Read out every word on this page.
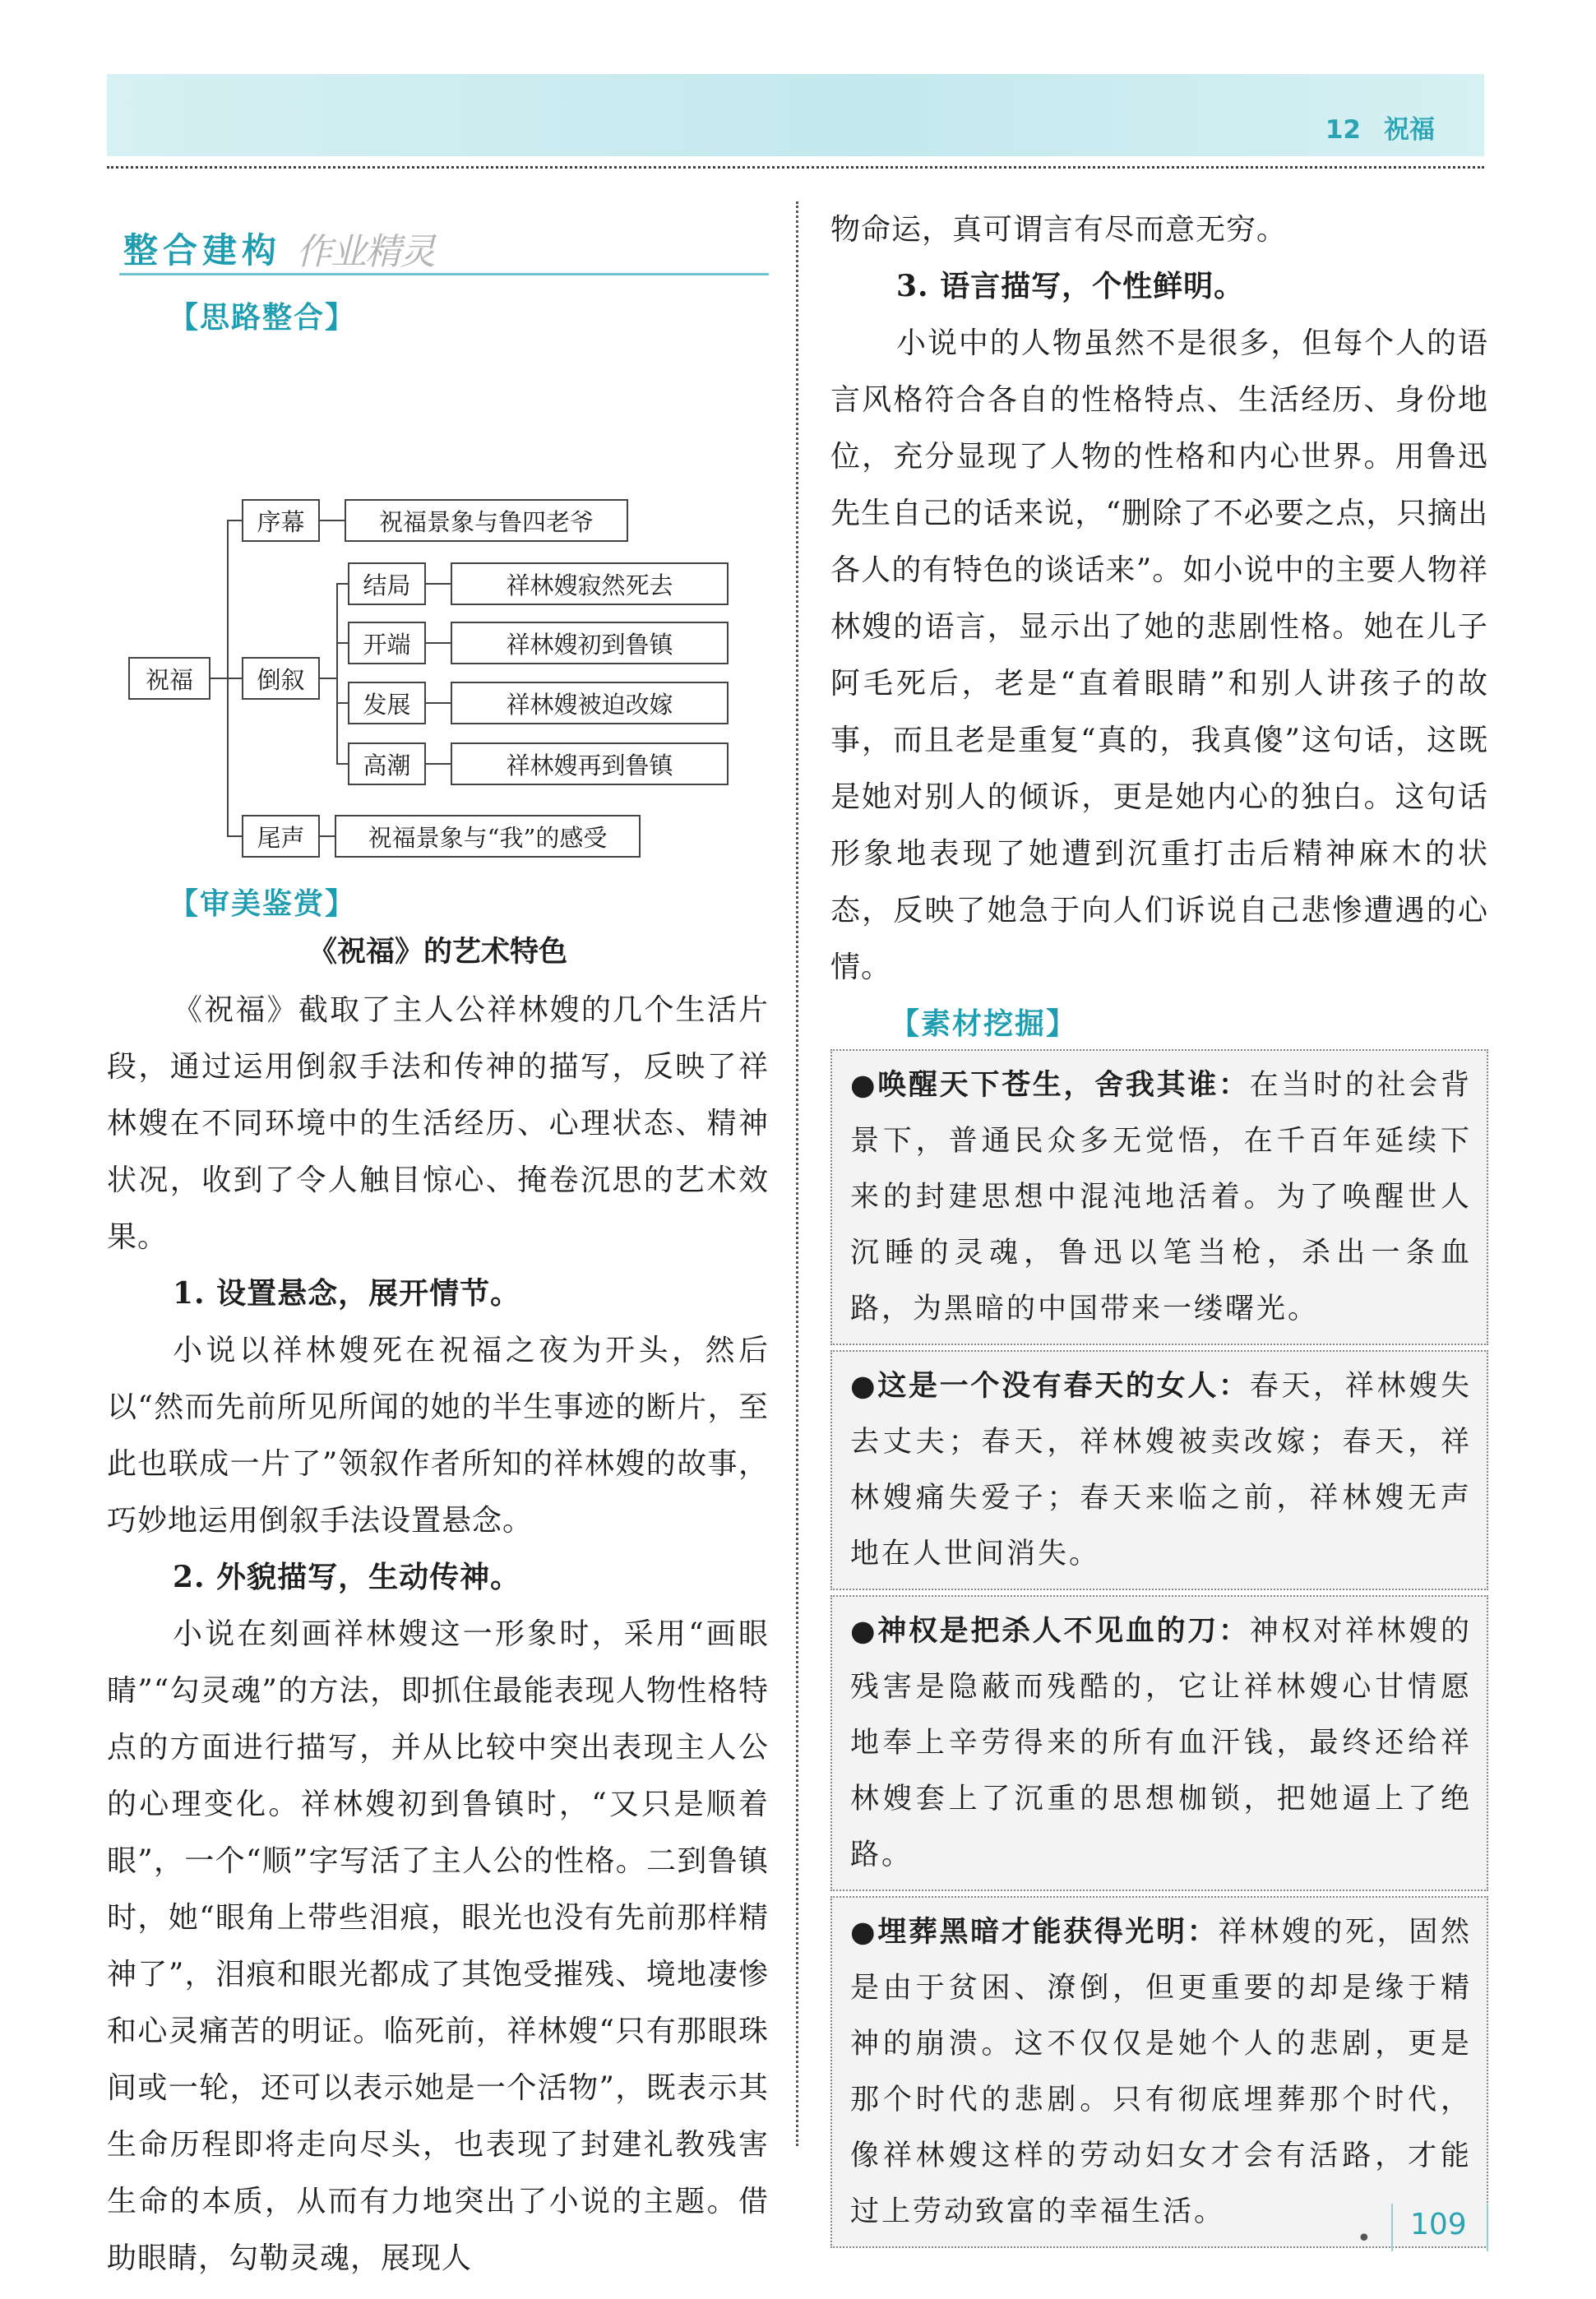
12 祝福
整合建构 作业精灵
【思路整合】
祝福
序幕	祝福景象与鲁四老爷
倒叙
结局	祥林嫂寂然死去
开端	祥林嫂初到鲁镇
发展	祥林嫂被迫改嫁
高潮	祥林嫂再到鲁镇
尾声	祝福景象与“我”的感受
【审美鉴赏】

《祝福》的艺术特色

《祝福》截取了主人公祥林嫂的几个生活片段，通过运用倒叙手法和传神的描写，反映了祥林嫂在不同环境中的生活经历、心理状态、精神状况，收到了令人触目惊心、掩卷沉思的艺术效果。

1. 设置悬念，展开情节。

小说以祥林嫂死在祝福之夜为开头，然后以“然而先前所见所闻的她的半生事迹的断片，至此也联成一片了”领叙作者所知的祥林嫂的故事，巧妙地运用倒叙手法设置悬念。

2. 外貌描写，生动传神。

小说在刻画祥林嫂这一形象时，采用“画眼睛”“勾灵魂”的方法，即抓住最能表现人物性格特点的方面进行描写，并从比较中突出表现主人公的心理变化。祥林嫂初到鲁镇时，“又只是顺着眼”，一个“顺”字写活了主人公的性格。二到鲁镇时，她“眼角上带些泪痕，眼光也没有先前那样精神了”，泪痕和眼光都成了其饱受摧残、境地凄惨和心灵痛苦的明证。临死前，祥林嫂“只有那眼珠间或一轮，还可以表示她是一个活物”，既表示其生命历程即将走向尽头，也表现了封建礼教残害生命的本质，从而有力地突出了小说的主题。借助眼睛，勾勒灵魂，展现人

物命运，真可谓言有尽而意无穷。

3. 语言描写，个性鲜明。

小说中的人物虽然不是很多，但每个人的语言风格符合各自的性格特点、生活经历、身份地位，充分显现了人物的性格和内心世界。用鲁迅先生自己的话来说，“删除了不必要之点，只摘出各人的有特色的谈话来”。如小说中的主要人物祥林嫂的语言，显示出了她的悲剧性格。她在儿子阿毛死后，老是“直着眼睛”和别人讲孩子的故事，而且老是重复“真的，我真傻”这句话，这既是她对别人的倾诉，更是她内心的独白。这句话形象地表现了她遭到沉重打击后精神麻木的状态，反映了她急于向人们诉说自己悲惨遭遇的心情。

【素材挖掘】

●唤醒天下苍生，舍我其谁：在当时的社会背景下，普通民众多无觉悟，在千百年延续下来的封建思想中混沌地活着。为了唤醒世人沉睡的灵魂，鲁迅以笔当枪，杀出一条血路，为黑暗的中国带来一缕曙光。

●这是一个没有春天的女人：春天，祥林嫂失去丈夫；春天，祥林嫂被卖改嫁；春天，祥林嫂痛失爱子；春天来临之前，祥林嫂无声地在人世间消失。

●神权是把杀人不见血的刀：神权对祥林嫂的残害是隐蔽而残酷的，它让祥林嫂心甘情愿地奉上辛劳得来的所有血汗钱，最终还给祥林嫂套上了沉重的思想枷锁，把她逼上了绝路。

●埋葬黑暗才能获得光明：祥林嫂的死，固然是由于贫困、潦倒，但更重要的却是缘于精神的崩溃。这不仅仅是她个人的悲剧，更是那个时代的悲剧。只有彻底埋葬那个时代，像祥林嫂这样的劳动妇女才会有活路，才能过上劳动致富的幸福生活。

• 109
